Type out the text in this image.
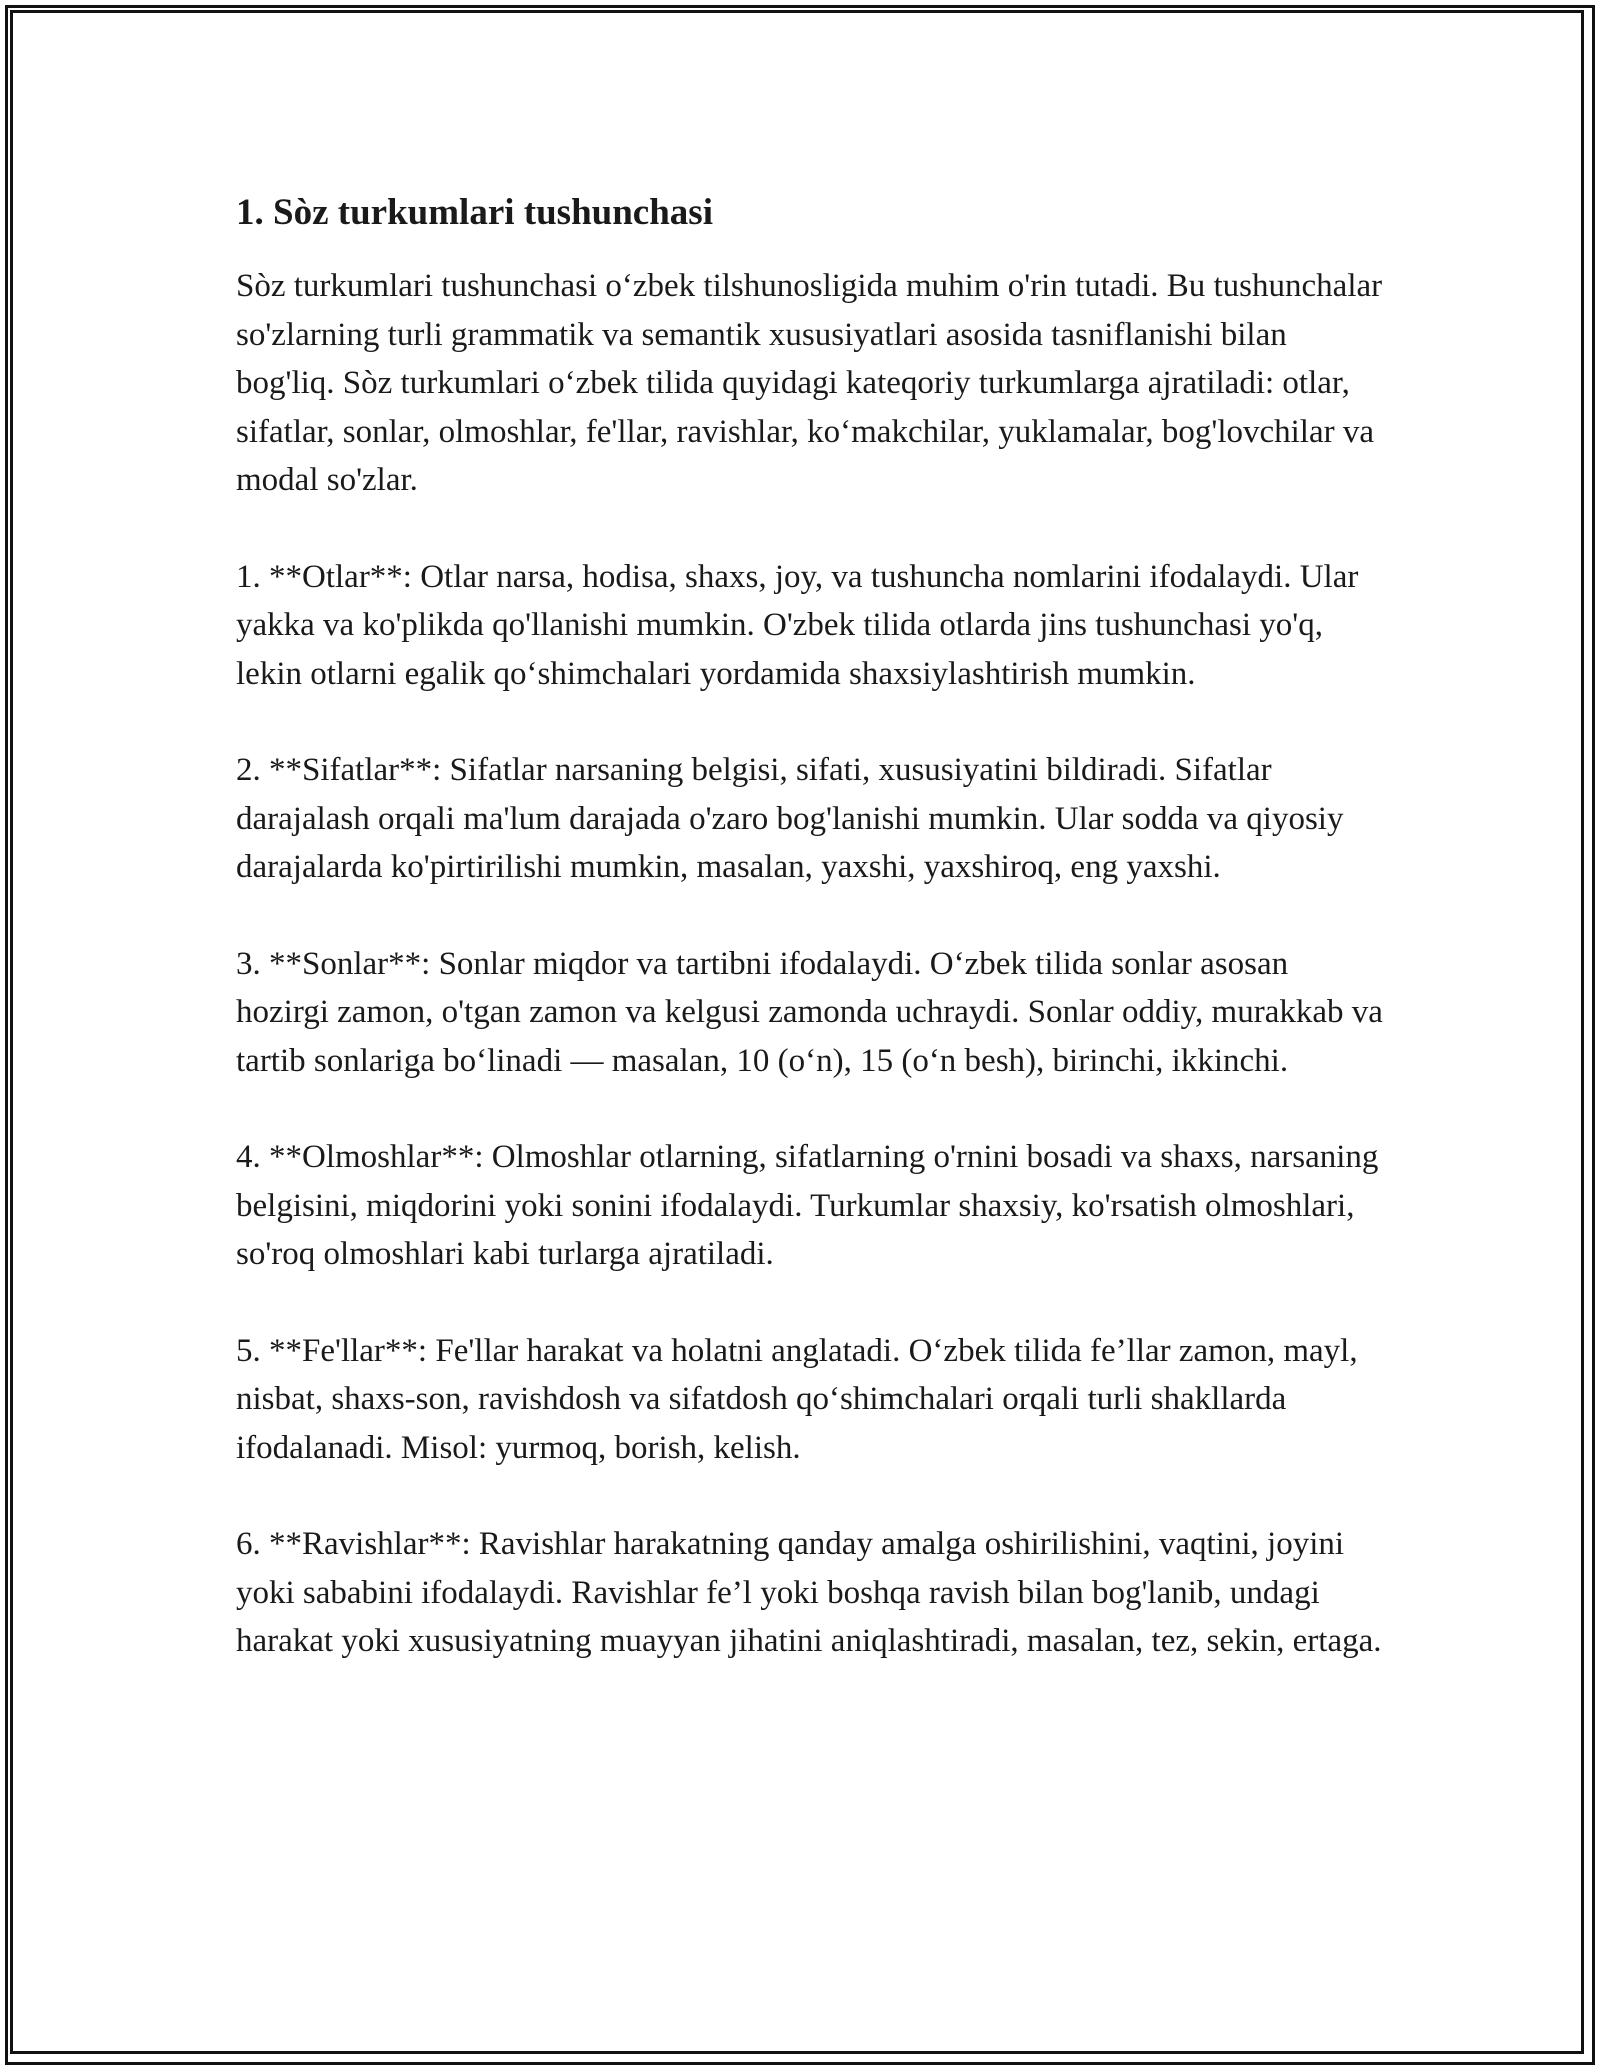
1. Sòz turkumlari tushunchasi

Sòz turkumlari tushunchasi o‘zbek tilshunosligida muhim o'rin tutadi. Bu tushunchalar so'zlarning turli grammatik va semantik xususiyatlari asosida tasniflanishi bilan bog'liq. Sòz turkumlari o‘zbek tilida quyidagi kateqoriy turkumlarga ajratiladi: otlar, sifatlar, sonlar, olmoshlar, fe'llar, ravishlar, ko‘makchilar, yuklamalar, bog'lovchilar va modal so'zlar.

1. **Otlar**: Otlar narsa, hodisa, shaxs, joy, va tushuncha nomlarini ifodalaydi. Ular yakka va ko'plikda qo'llanishi mumkin. O'zbek tilida otlarda jins tushunchasi yo'q, lekin otlarni egalik qo‘shimchalari yordamida shaxsiylashtirish mumkin.

2. **Sifatlar**: Sifatlar narsaning belgisi, sifati, xususiyatini bildiradi. Sifatlar darajalash orqali ma'lum darajada o'zaro bog'lanishi mumkin. Ular sodda va qiyosiy darajalarda ko'pirtirilishi mumkin, masalan, yaxshi, yaxshiroq, eng yaxshi.

3. **Sonlar**: Sonlar miqdor va tartibni ifodalaydi. O‘zbek tilida sonlar asosan hozirgi zamon, o'tgan zamon va kelgusi zamonda uchraydi. Sonlar oddiy, murakkab va tartib sonlariga bo‘linadi — masalan, 10 (o‘n), 15 (o‘n besh), birinchi, ikkinchi.

4. **Olmoshlar**: Olmoshlar otlarning, sifatlarning o'rnini bosadi va shaxs, narsaning belgisini, miqdorini yoki sonini ifodalaydi. Turkumlar shaxsiy, ko'rsatish olmoshlari, so'roq olmoshlari kabi turlarga ajratiladi.

5. **Fe'llar**: Fe'llar harakat va holatni anglatadi. O‘zbek tilida fe’llar zamon, mayl, nisbat, shaxs-son, ravishdosh va sifatdosh qo‘shimchalari orqali turli shakllarda ifodalanadi. Misol: yurmoq, borish, kelish.

6. **Ravishlar**: Ravishlar harakatning qanday amalga oshirilishini, vaqtini, joyini yoki sababini ifodalaydi. Ravishlar fe’l yoki boshqa ravish bilan bog'lanib, undagi harakat yoki xususiyatning muayyan jihatini aniqlashtiradi, masalan, tez, sekin, ertaga.
